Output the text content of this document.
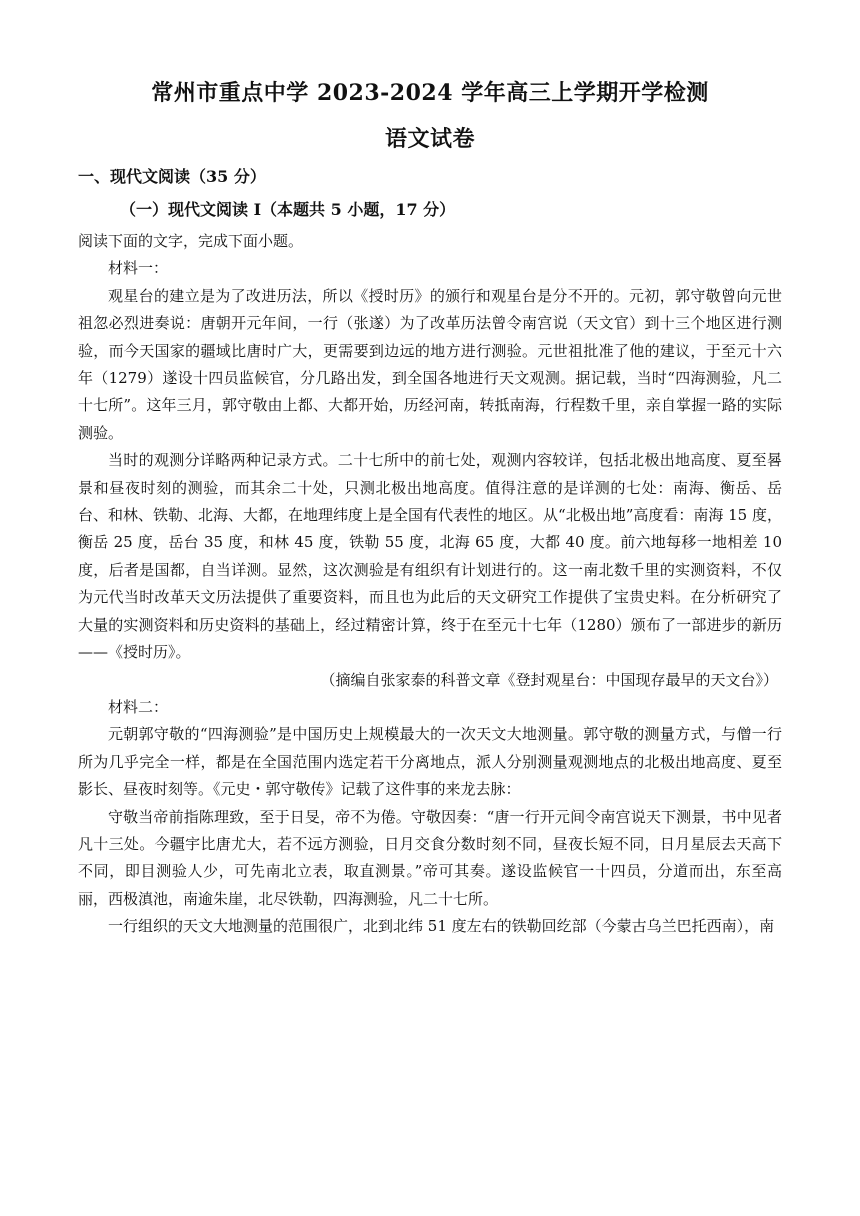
常州市重点中学 2023-2024 学年高三上学期开学检测
语文试卷
一、现代文阅读（35 分）
（一）现代文阅读 I（本题共 5 小题，17 分）

阅读下面的文字，完成下面小题。

材料一：

观星台的建立是为了改进历法，所以《授时历》的颁行和观星台是分不开的。元初，郭守敬曾向元世祖忽必烈进奏说：唐朝开元年间，一行（张遂）为了改革历法曾令南宫说（天文官）到十三个地区进行测验，而今天国家的疆域比唐时广大，更需要到边远的地方进行测验。元世祖批准了他的建议，于至元十六年（1279）遂设十四员监候官，分几路出发，到全国各地进行天文观测。据记载，当时“四海测验，凡二十七所”。这年三月，郭守敬由上都、大都开始，历经河南，转抵南海，行程数千里，亲自掌握一路的实际测验。

当时的观测分详略两种记录方式。二十七所中的前七处，观测内容较详，包括北极出地高度、夏至晷景和昼夜时刻的测验，而其余二十处，只测北极出地高度。值得注意的是详测的七处：南海、衡岳、岳台、和林、铁勒、北海、大都，在地理纬度上是全国有代表性的地区。从“北极出地”高度看：南海 15 度，衡岳 25 度，岳台 35 度，和林 45 度，铁勒 55 度，北海 65 度，大都 40 度。前六地每移一地相差 10 度，后者是国都，自当详测。显然，这次测验是有组织有计划进行的。这一南北数千里的实测资料，不仅为元代当时改革天文历法提供了重要资料，而且也为此后的天文研究工作提供了宝贵史料。在分析研究了大量的实测资料和历史资料的基础上，经过精密计算，终于在至元十七年（1280）颁布了一部进步的新历——《授时历》。

（摘编自张家泰的科普文章《登封观星台：中国现存最早的天文台》）

材料二：

元朝郭守敬的“四海测验”是中国历史上规模最大的一次天文大地测量。郭守敬的测量方式，与僧一行所为几乎完全一样，都是在全国范围内选定若干分离地点，派人分别测量观测地点的北极出地高度、夏至影长、昼夜时刻等。《元史・郭守敬传》记载了这件事的来龙去脉：

守敬当帝前指陈理致，至于日旻，帝不为倦。守敬因奏：“唐一行开元间令南宫说天下测景，书中见者凡十三处。今疆宇比唐尤大，若不远方测验，日月交食分数时刻不同，昼夜长短不同，日月星辰去天高下不同，即目测验人少，可先南北立表，取直测景。”帝可其奏。遂设监候官一十四员，分道而出，东至高丽，西极滇池，南逾朱崖，北尽铁勒，四海测验，凡二十七所。

一行组织的天文大地测量的范围很广，北到北纬 51 度左右的铁勒回纥部（今蒙古乌兰巴托西南），南
